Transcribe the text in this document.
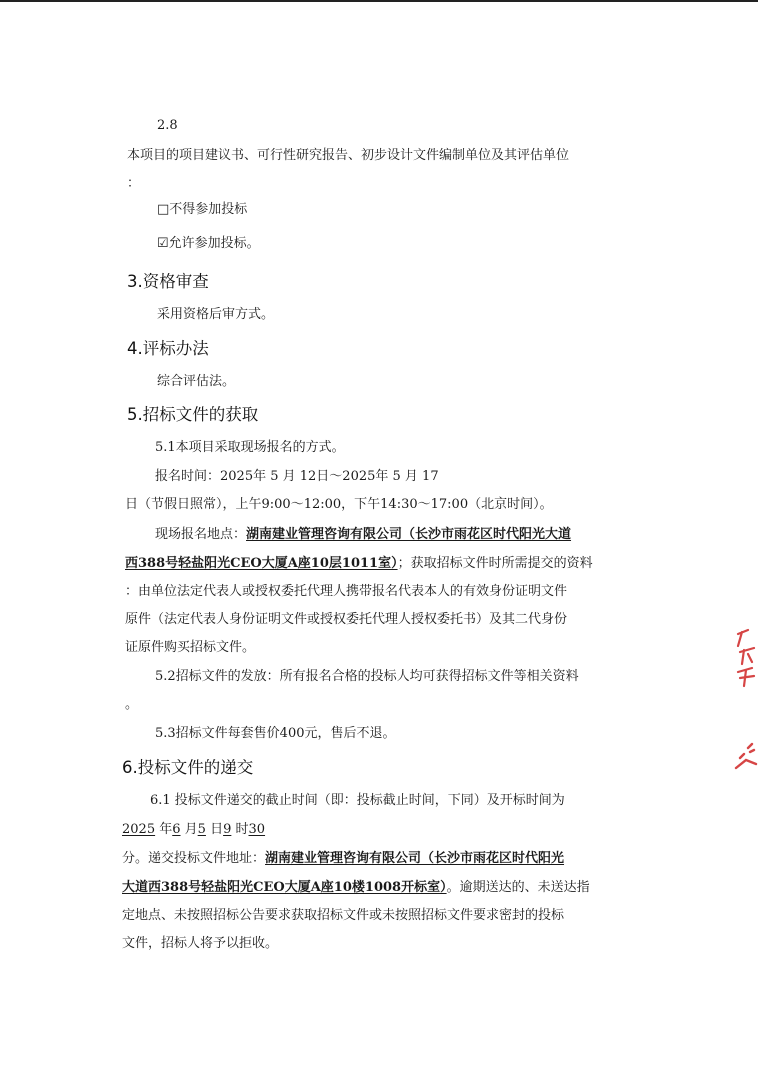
2.8
本项目的项目建议书、可行性研究报告、初步设计文件编制单位及其评估单位
：
□不得参加投标
☑允许参加投标。
3.资格审查
采用资格后审方式。
4.评标办法
综合评估法。
5.招标文件的获取
5.1本项目采取现场报名的方式。
报名时间：2025年 5 月 12日～2025年 5 月 17
日（节假日照常），上午9:00～12:00，下午14:30～17:00（北京时间）。
现场报名地点：湖南建业管理咨询有限公司（长沙市雨花区时代阳光大道
西388号轻盐阳光CEO大厦A座10层1011室）；获取招标文件时所需提交的资料
：由单位法定代表人或授权委托代理人携带报名代表本人的有效身份证明文件
原件（法定代表人身份证明文件或授权委托代理人授权委托书）及其二代身份
证原件购买招标文件。
5.2招标文件的发放：所有报名合格的投标人均可获得招标文件等相关资料
。
5.3招标文件每套售价400元，售后不退。
6.投标文件的递交
6.1 投标文件递交的截止时间（即：投标截止时间，下同）及开标时间为
2025 年6 月5 日9 时30
分。递交投标文件地址：湖南建业管理咨询有限公司（长沙市雨花区时代阳光
大道西388号轻盐阳光CEO大厦A座10楼1008开标室）。逾期送达的、未送达指
定地点、未按照招标公告要求获取招标文件或未按照招标文件要求密封的投标
文件，招标人将予以拒收。
